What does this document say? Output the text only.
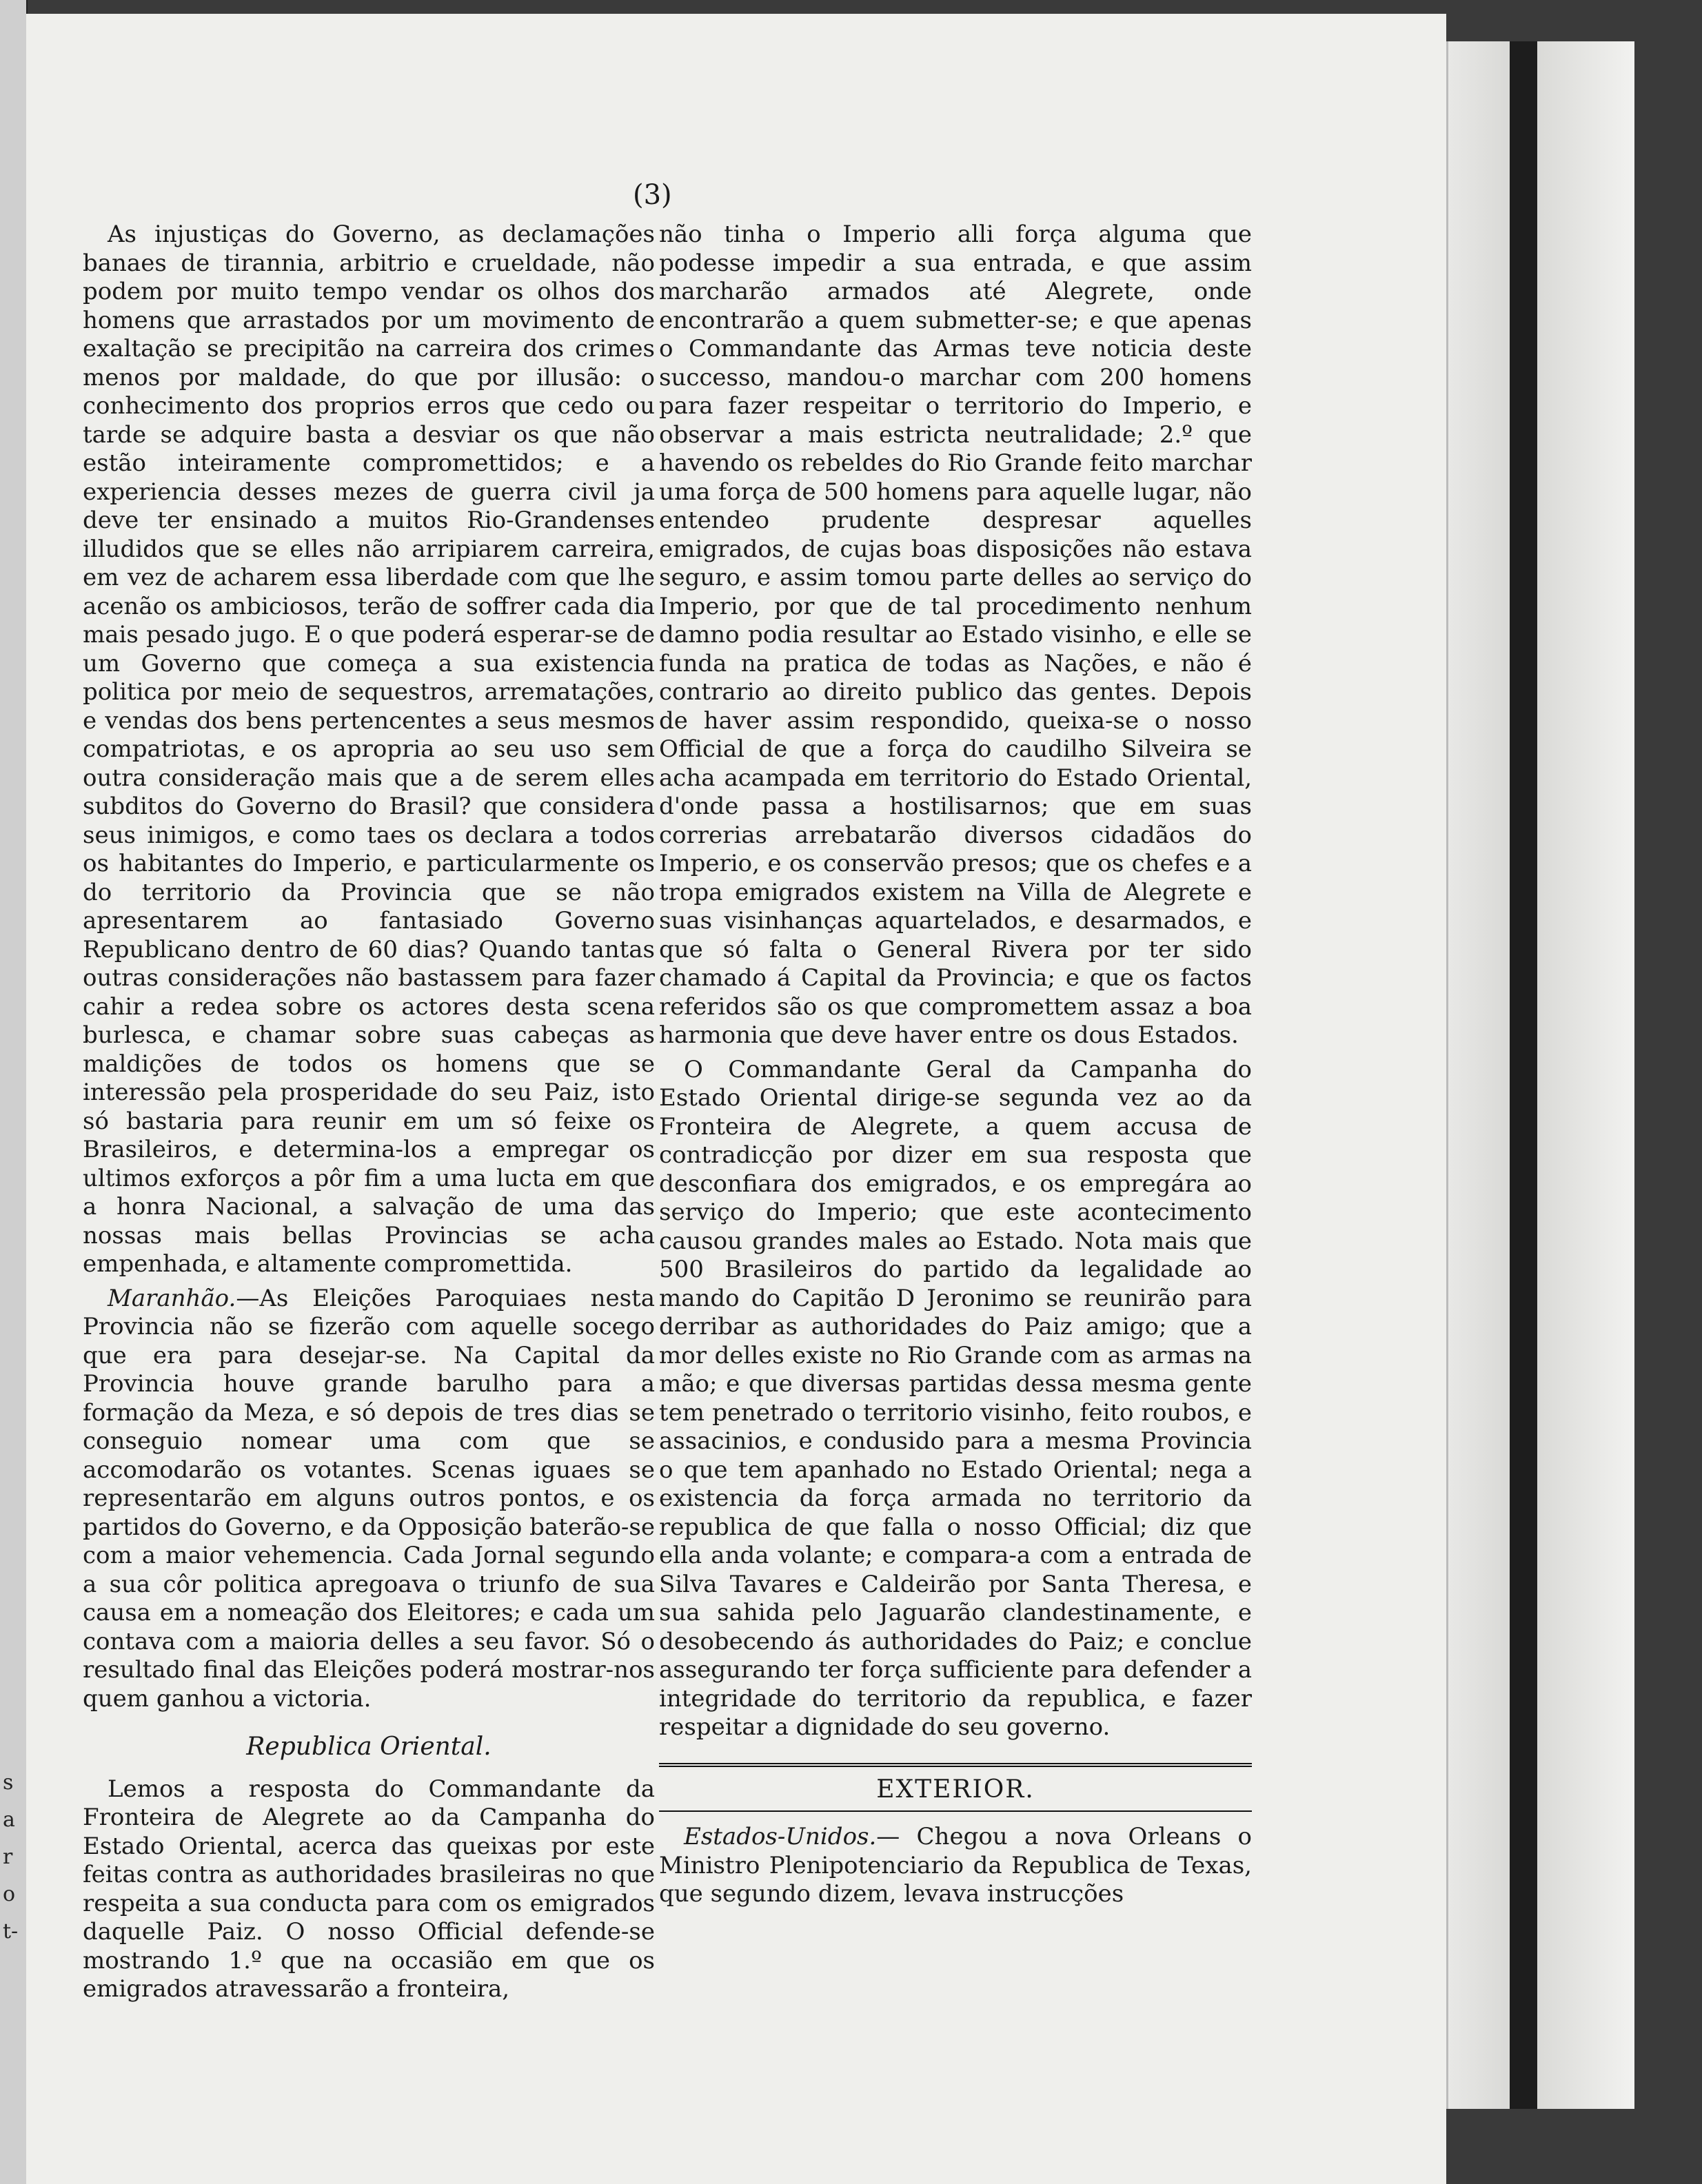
s
a
r
o
t-
(3)

As injustiças do Governo, as declamações banaes de tirannia, arbitrio e crueldade, não podem por muito tempo vendar os olhos dos homens que arrastados por um movimento de exaltação se precipitão na carreira dos crimes menos por maldade, do que por illusão: o conhecimento dos proprios erros que cedo ou tarde se adquire basta a desviar os que não estão inteiramente compromettidos; e a experiencia desses mezes de guerra civil ja deve ter ensinado a muitos Rio-Grandenses illudidos que se elles não arripiarem carreira, em vez de acharem essa liberdade com que lhe acenão os ambiciosos, terão de soffrer cada dia mais pesado jugo. E o que poderá esperar-se de um Governo que começa a sua existencia politica por meio de sequestros, arrematações, e vendas dos bens pertencentes a seus mesmos compatriotas, e os apropria ao seu uso sem outra consideração mais que a de serem elles subditos do Governo do Brasil? que considera seus inimigos, e como taes os declara a todos os habitantes do Imperio, e particularmente os do territorio da Provincia que se não apresentarem ao fantasiado Governo Republicano dentro de 60 dias? Quando tantas outras considerações não bastassem para fazer cahir a redea sobre os actores desta scena burlesca, e chamar sobre suas cabeças as maldições de todos os homens que se interessão pela prosperidade do seu Paiz, isto só bastaria para reunir em um só feixe os Brasileiros, e determina-los a empregar os ultimos exforços a pôr fim a uma lucta em que a honra Nacional, a salvação de uma das nossas mais bellas Provincias se acha empenhada, e altamente compromettida.

Maranhão.—As Eleições Paroquiaes nesta Provincia não se fizerão com aquelle socego que era para desejar-se. Na Capital da Provincia houve grande barulho para a formação da Meza, e só depois de tres dias se conseguio nomear uma com que se accomodarão os votantes. Scenas iguaes se representarão em alguns outros pontos, e os partidos do Governo, e da Opposição baterão-se com a maior vehemencia. Cada Jornal segundo a sua côr politica apregoava o triunfo de sua causa em a nomeação dos Eleitores; e cada um contava com a maioria delles a seu favor. Só o resultado final das Eleições poderá mostrar-nos quem ganhou a victoria.

Republica Oriental.

Lemos a resposta do Commandante da Fronteira de Alegrete ao da Campanha do Estado Oriental, acerca das queixas por este feitas contra as authoridades brasileiras no que respeita a sua conducta para com os emigrados daquelle Paiz. O nosso Official defende-se mostrando 1.º que na occasião em que os emigrados atravessarão a fronteira,

não tinha o Imperio alli força alguma que podesse impedir a sua entrada, e que assim marcharão armados até Alegrete, onde encontrarão a quem submetter-se; e que apenas o Commandante das Armas teve noticia deste successo, mandou-o marchar com 200 homens para fazer respeitar o territorio do Imperio, e observar a mais estricta neutralidade; 2.º que havendo os rebeldes do Rio Grande feito marchar uma força de 500 homens para aquelle lugar, não entendeo prudente despresar aquelles emigrados, de cujas boas disposições não estava seguro, e assim tomou parte delles ao serviço do Imperio, por que de tal procedimento nenhum damno podia resultar ao Estado visinho, e elle se funda na pratica de todas as Nações, e não é contrario ao direito publico das gentes. Depois de haver assim respondido, queixa-se o nosso Official de que a força do caudilho Silveira se acha acampada em territorio do Estado Oriental, d'onde passa a hostilisarnos; que em suas correrias arrebatarão diversos cidadãos do Imperio, e os conservão presos; que os chefes e a tropa emigrados existem na Villa de Alegrete e suas visinhanças aquartelados, e desarmados, e que só falta o General Rivera por ter sido chamado á Capital da Provincia; e que os factos referidos são os que compromettem assaz a boa harmonia que deve haver entre os dous Estados.

O Commandante Geral da Campanha do Estado Oriental dirige-se segunda vez ao da Fronteira de Alegrete, a quem accusa de contradicção por dizer em sua resposta que desconfiara dos emigrados, e os empregára ao serviço do Imperio; que este acontecimento causou grandes males ao Estado. Nota mais que 500 Brasileiros do partido da legalidade ao mando do Capitão D Jeronimo se reunirão para derribar as authoridades do Paiz amigo; que a mor delles existe no Rio Grande com as armas na mão; e que diversas partidas dessa mesma gente tem penetrado o territorio visinho, feito roubos, e assacinios, e condusido para a mesma Provincia o que tem apanhado no Estado Oriental; nega a existencia da força armada no territorio da republica de que falla o nosso Official; diz que ella anda volante; e compara-a com a entrada de Silva Tavares e Caldeirão por Santa Theresa, e sua sahida pelo Jaguarão clandestinamente, e desobecendo ás authoridades do Paiz; e conclue assegurando ter força sufficiente para defender a integridade do territorio da republica, e fazer respeitar a dignidade do seu governo.

EXTERIOR.

Estados-Unidos.— Chegou a nova Orleans o Ministro Plenipotenciario da Republica de Texas, que segundo dizem, levava instrucções
